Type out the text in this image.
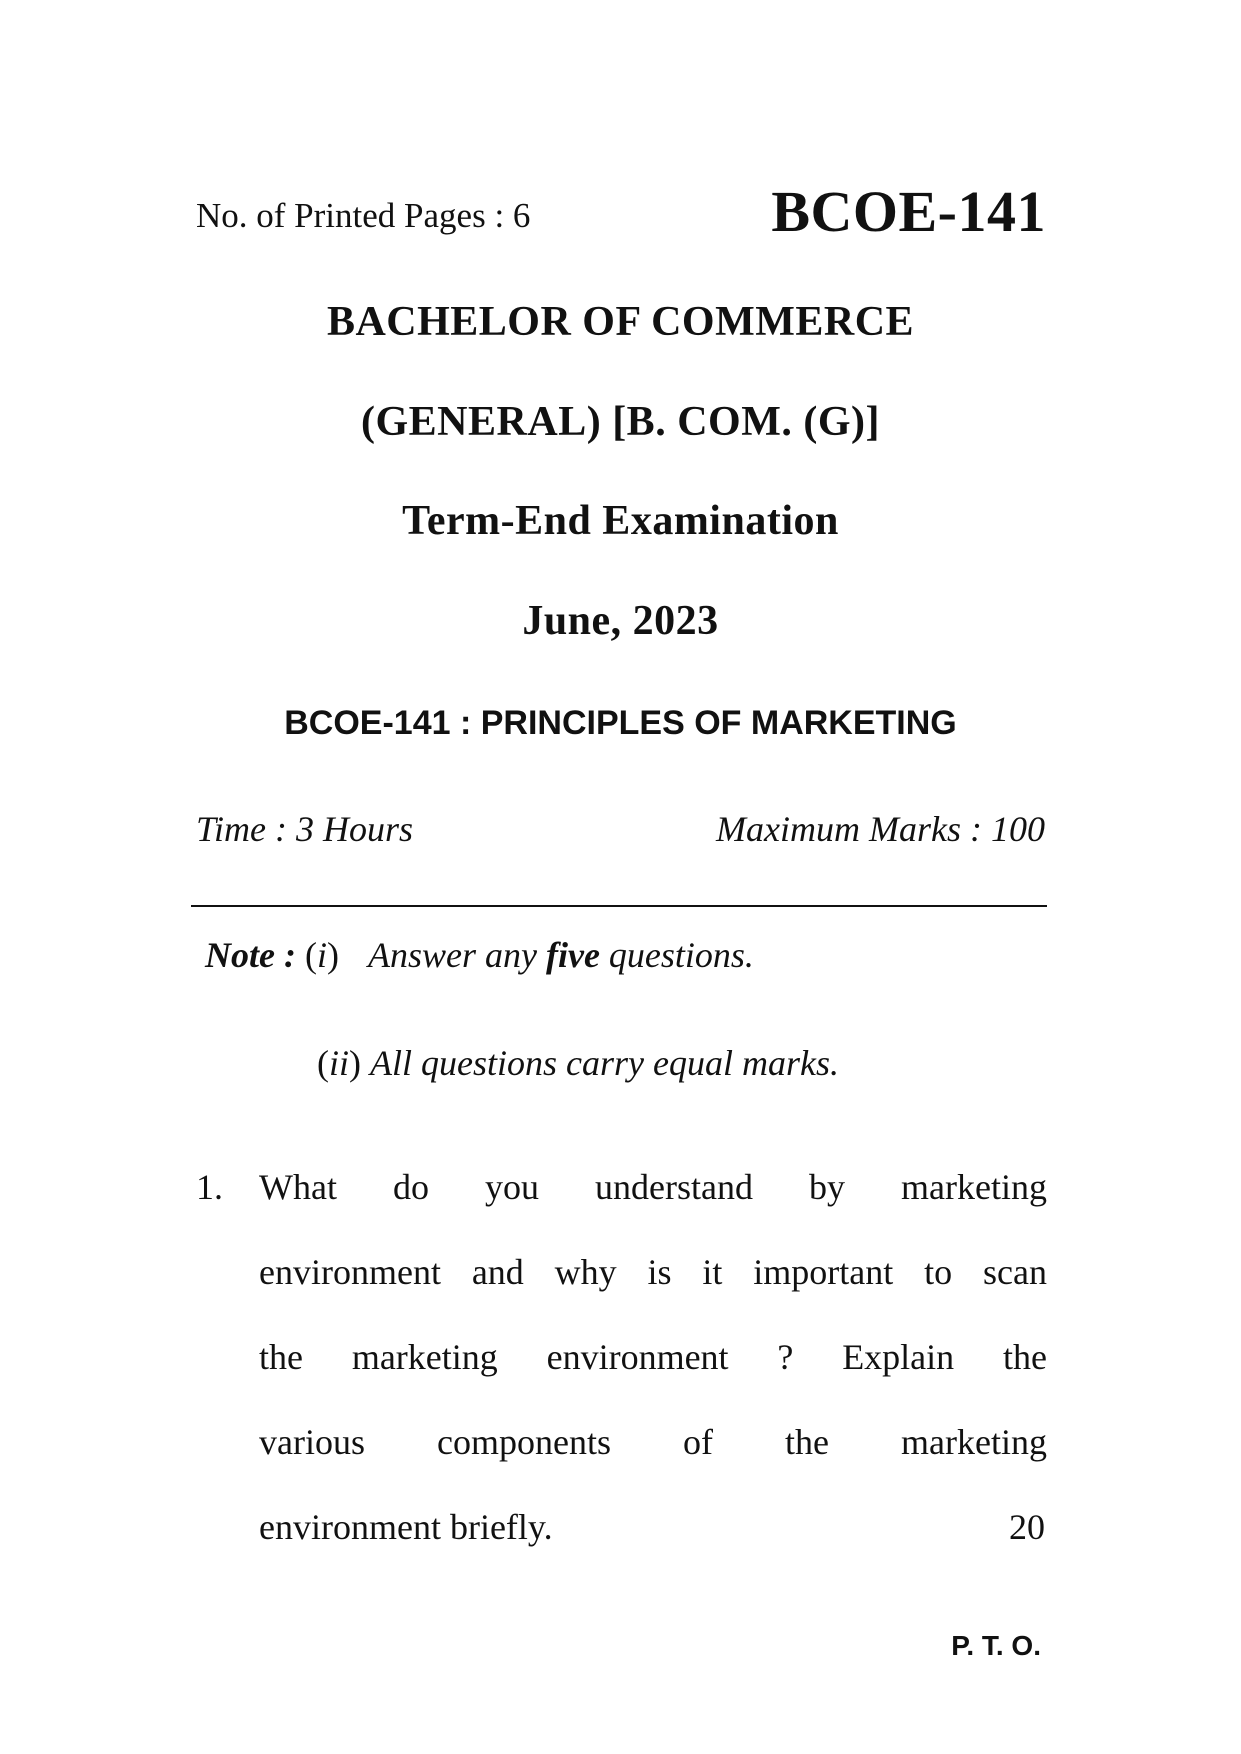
No. of Printed Pages : 6	BCOE-141
BACHELOR OF COMMERCE
(GENERAL) [B. COM. (G)]
Term-End Examination
June, 2023
BCOE-141 : PRINCIPLES OF MARKETING
Time : 3 Hours	Maximum Marks : 100
Note : (i) Answer any five questions.
(ii) All questions carry equal marks.
1. What do you understand by marketing
environment and why is it important to scan
the marketing environment ? Explain the
various components of the marketing
environment briefly.	20
P. T. O.
